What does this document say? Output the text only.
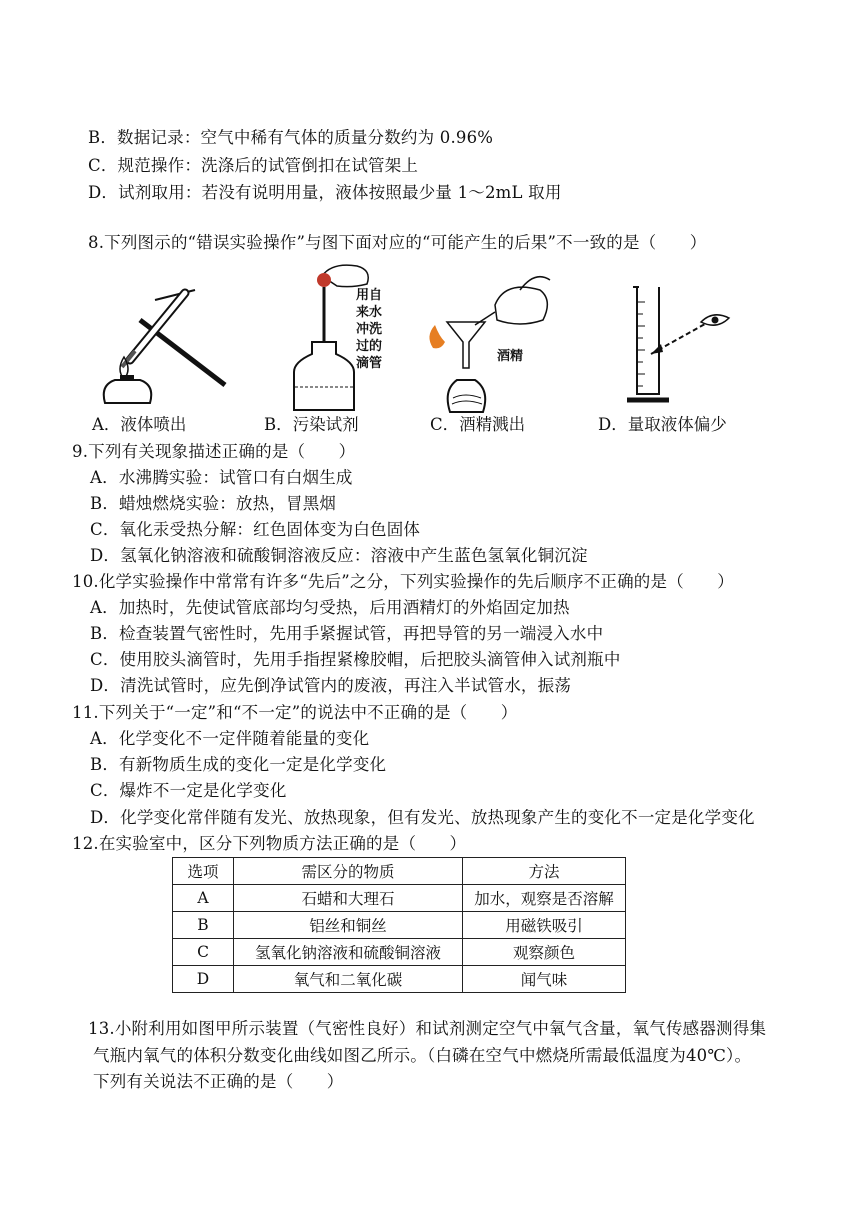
B．数据记录：空气中稀有气体的质量分数约为 0.96%
C．规范操作：洗涤后的试管倒扣在试管架上
D．试剂取用：若没有说明用量，液体按照最少量 1～2mL 取用
8.下列图示的“错误实验操作”与图下面对应的“可能产生的后果”不一致的是（　　）
用自
来水
冲洗
过的
滴管	酒精
A．液体喷出	B．污染试剂	C．酒精溅出	D．量取液体偏少
9.下列有关现象描述正确的是（　　）
A．水沸腾实验：试管口有白烟生成
B．蜡烛燃烧实验：放热，冒黑烟
C．氧化汞受热分解：红色固体变为白色固体
D．氢氧化钠溶液和硫酸铜溶液反应：溶液中产生蓝色氢氧化铜沉淀
10.化学实验操作中常常有许多“先后”之分，下列实验操作的先后顺序不正确的是（　　）
A．加热时，先使试管底部均匀受热，后用酒精灯的外焰固定加热
B．检查装置气密性时，先用手紧握试管，再把导管的另一端浸入水中
C．使用胶头滴管时，先用手指捏紧橡胶帽，后把胶头滴管伸入试剂瓶中
D．清洗试管时，应先倒净试管内的废液，再注入半试管水，振荡
11.下列关于“一定”和“不一定”的说法中不正确的是（　　）
A．化学变化不一定伴随着能量的变化
B．有新物质生成的变化一定是化学变化
C．爆炸不一定是化学变化
D．化学变化常伴随有发光、放热现象，但有发光、放热现象产生的变化不一定是化学变化
12.在实验室中，区分下列物质方法正确的是（　　）
选项	需区分的物质	方法
A	石蜡和大理石	加水，观察是否溶解
B	铝丝和铜丝	用磁铁吸引
C	氢氧化钠溶液和硫酸铜溶液	观察颜色
D	氧气和二氧化碳	闻气味
13.小附利用如图甲所示装置（气密性良好）和试剂测定空气中氧气含量，氧气传感器测得集
气瓶内氧气的体积分数变化曲线如图乙所示。（白磷在空气中燃烧所需最低温度为40℃）。
下列有关说法不正确的是（　　）
